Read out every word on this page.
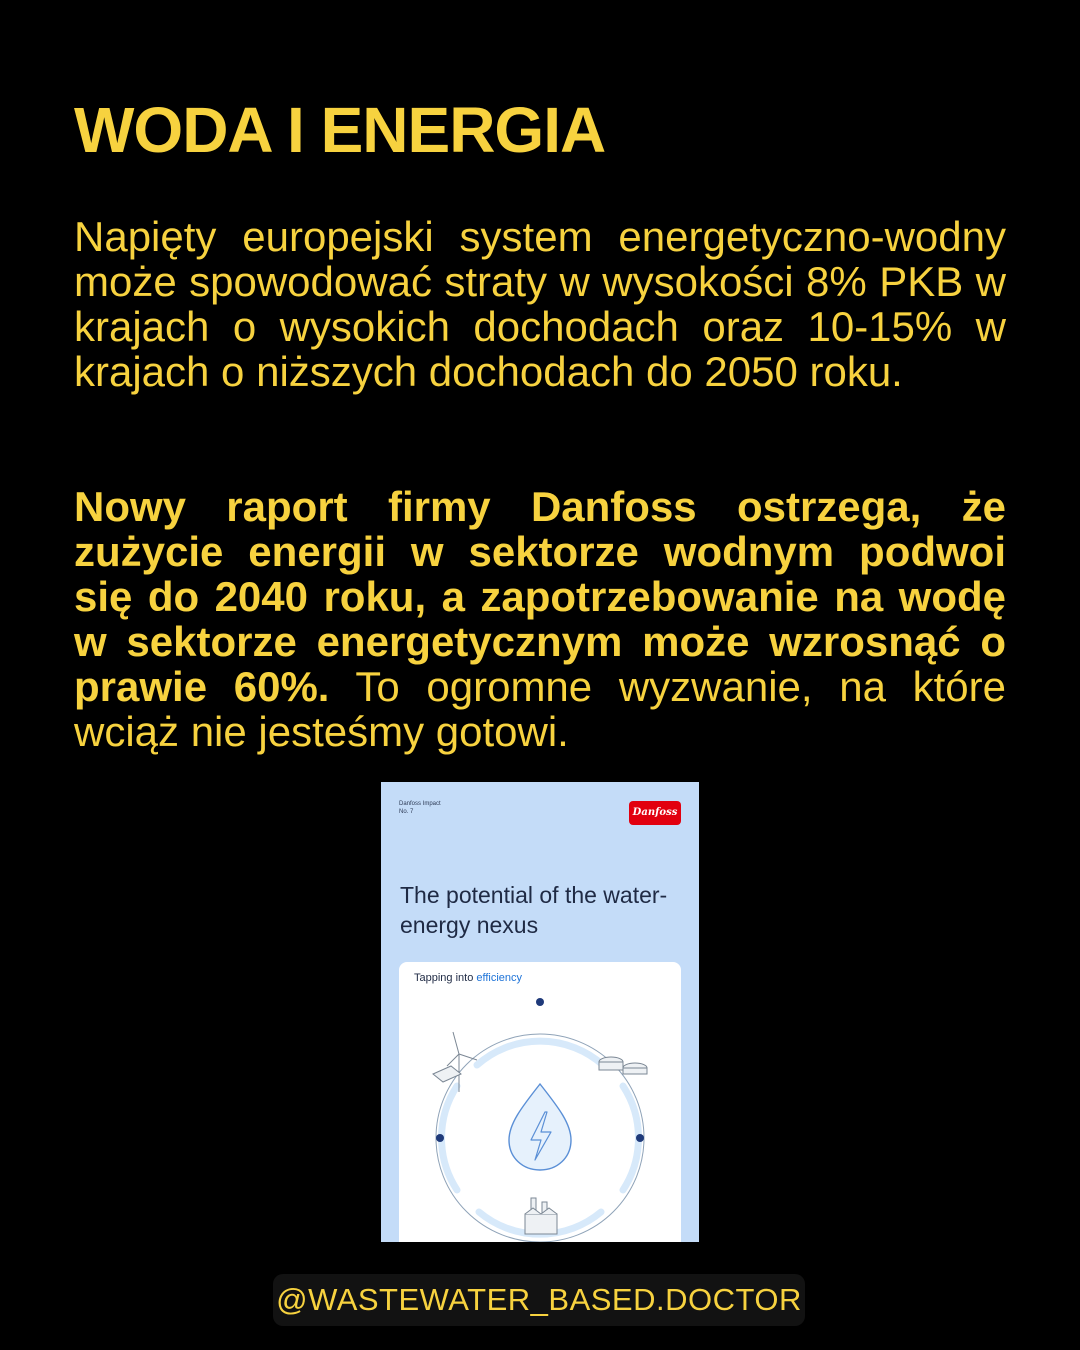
WODA I ENERGIA

Napięty europejski system energetyczno-wodny może spowodować straty w wysokości 8% PKB w krajach o wysokich dochodach oraz 10-15% w krajach o niższych dochodach do 2050 roku.

Nowy raport firmy Danfoss ostrzega, że zużycie energii w sektorze wodnym podwoi się do 2040 roku, a zapotrzebowanie na wodę w sektorze energetycznym może wzrosnąć o prawie 60%. To ogromne wyzwanie, na które wciąż nie jesteśmy gotowi.

Danfoss Impact
No. 7	Danfoss
The potential of the water-energy nexus
Tapping into efficiency
@WASTEWATER_BASED.DOCTOR
